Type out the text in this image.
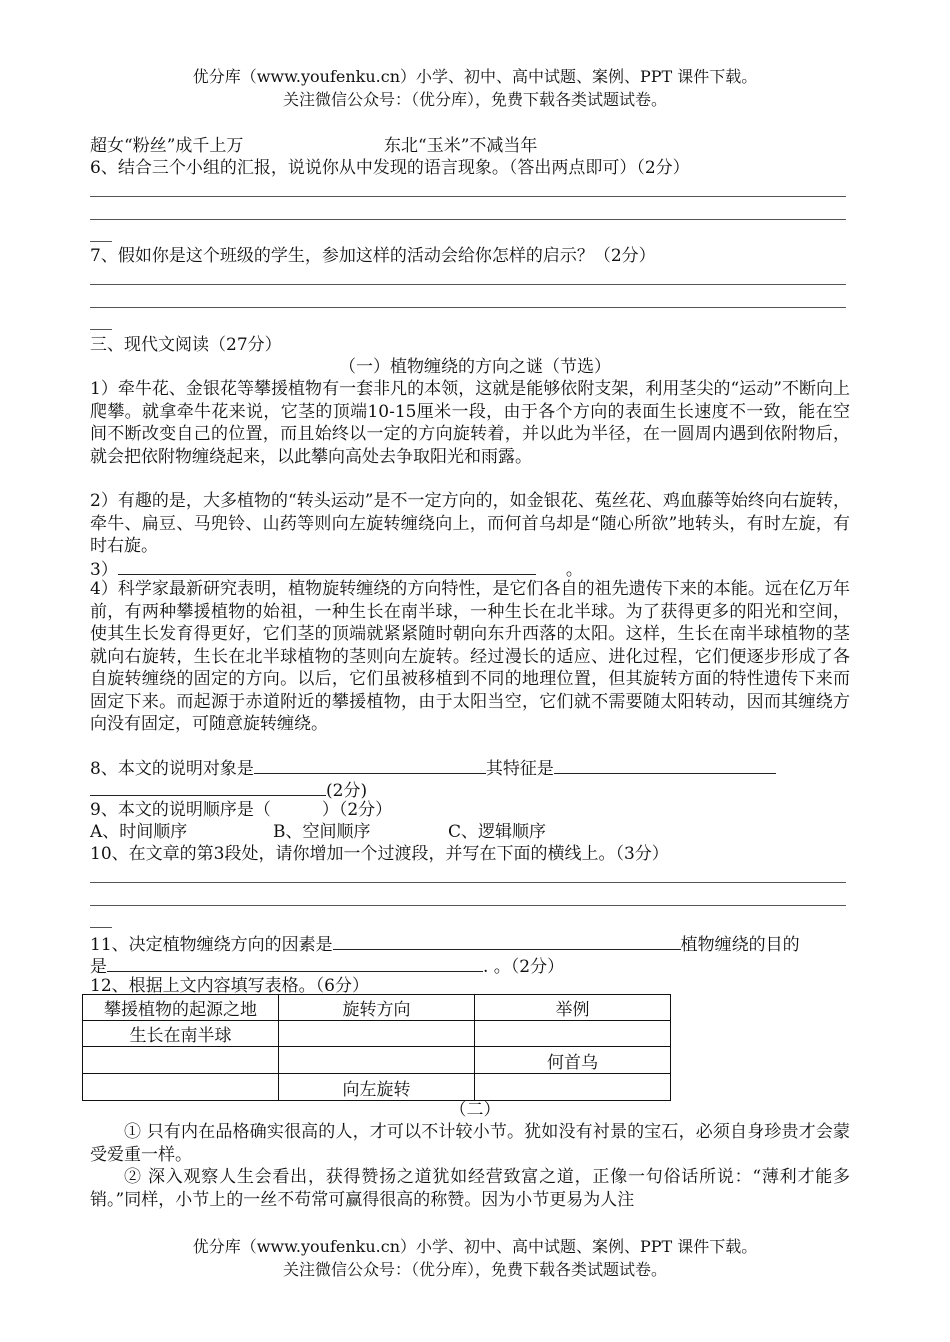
优分库（www.youfenku.cn）小学、初中、高中试题、案例、PPT 课件下载。
关注微信公众号：（优分库），免费下载各类试题试卷。
超女“粉丝”成千上万	东北“玉米”不减当年
6、结合三个小组的汇报，说说你从中发现的语言现象。（答出两点即可）（2分）
7、假如你是这个班级的学生，参加这样的活动会给你怎样的启示？（2分）
三、现代文阅读（27分）
（一）植物缠绕的方向之谜（节选）
1）牵牛花、金银花等攀援植物有一套非凡的本领，这就是能够依附支架，利用茎尖的“运动”不断向上爬攀。就拿牵牛花来说，它茎的顶端10-15厘米一段，由于各个方向的表面生长速度不一致，能在空间不断改变自己的位置，而且始终以一定的方向旋转着，并以此为半径，在一圆周内遇到依附物后，就会把依附物缠绕起来，以此攀向高处去争取阳光和雨露。
2）有趣的是，大多植物的“转头运动”是不一定方向的，如金银花、菟丝花、鸡血藤等始终向右旋转，牵牛、扁豆、马兜铃、山药等则向左旋转缠绕向上，而何首乌却是“随心所欲”地转头，有时左旋，有时右旋。
3）	。
4）科学家最新研究表明，植物旋转缠绕的方向特性，是它们各自的祖先遗传下来的本能。远在亿万年前，有两种攀援植物的始祖，一种生长在南半球，一种生长在北半球。为了获得更多的阳光和空间，使其生长发育得更好，它们茎的顶端就紧紧随时朝向东升西落的太阳。这样，生长在南半球植物的茎就向右旋转，生长在北半球植物的茎则向左旋转。经过漫长的适应、进化过程，它们便逐步形成了各自旋转缠绕的固定的方向。以后，它们虽被移植到不同的地理位置，但其旋转方面的特性遗传下来而固定下来。而起源于赤道附近的攀援植物，由于太阳当空，它们就不需要随太阳转动，因而其缠绕方向没有固定，可随意旋转缠绕。
8、本文的说明对象是	其特征是
(2分)
9、本文的说明顺序是（　　　）（2分）
A、时间顺序	B、空间顺序	C、逻辑顺序
10、在文章的第3段处，请你增加一个过渡段，并写在下面的横线上。（3分）
11、决定植物缠绕方向的因素是	植物缠绕的目的
是	. 。（2分）
12、根据上文内容填写表格。（6分）
攀援植物的起源之地	旋转方向	举例
生长在南半球		
		何首乌
	向左旋转	
（二）
① 只有内在品格确实很高的人，才可以不计较小节。犹如没有衬景的宝石，必须自身珍贵才会蒙受爱重一样。
② 深入观察人生会看出，获得赞扬之道犹如经营致富之道，正像一句俗话所说：“薄利才能多销。”同样，小节上的一丝不苟常可赢得很高的称赞。因为小节更易为人注
优分库（www.youfenku.cn）小学、初中、高中试题、案例、PPT 课件下载。
关注微信公众号：（优分库），免费下载各类试题试卷。
